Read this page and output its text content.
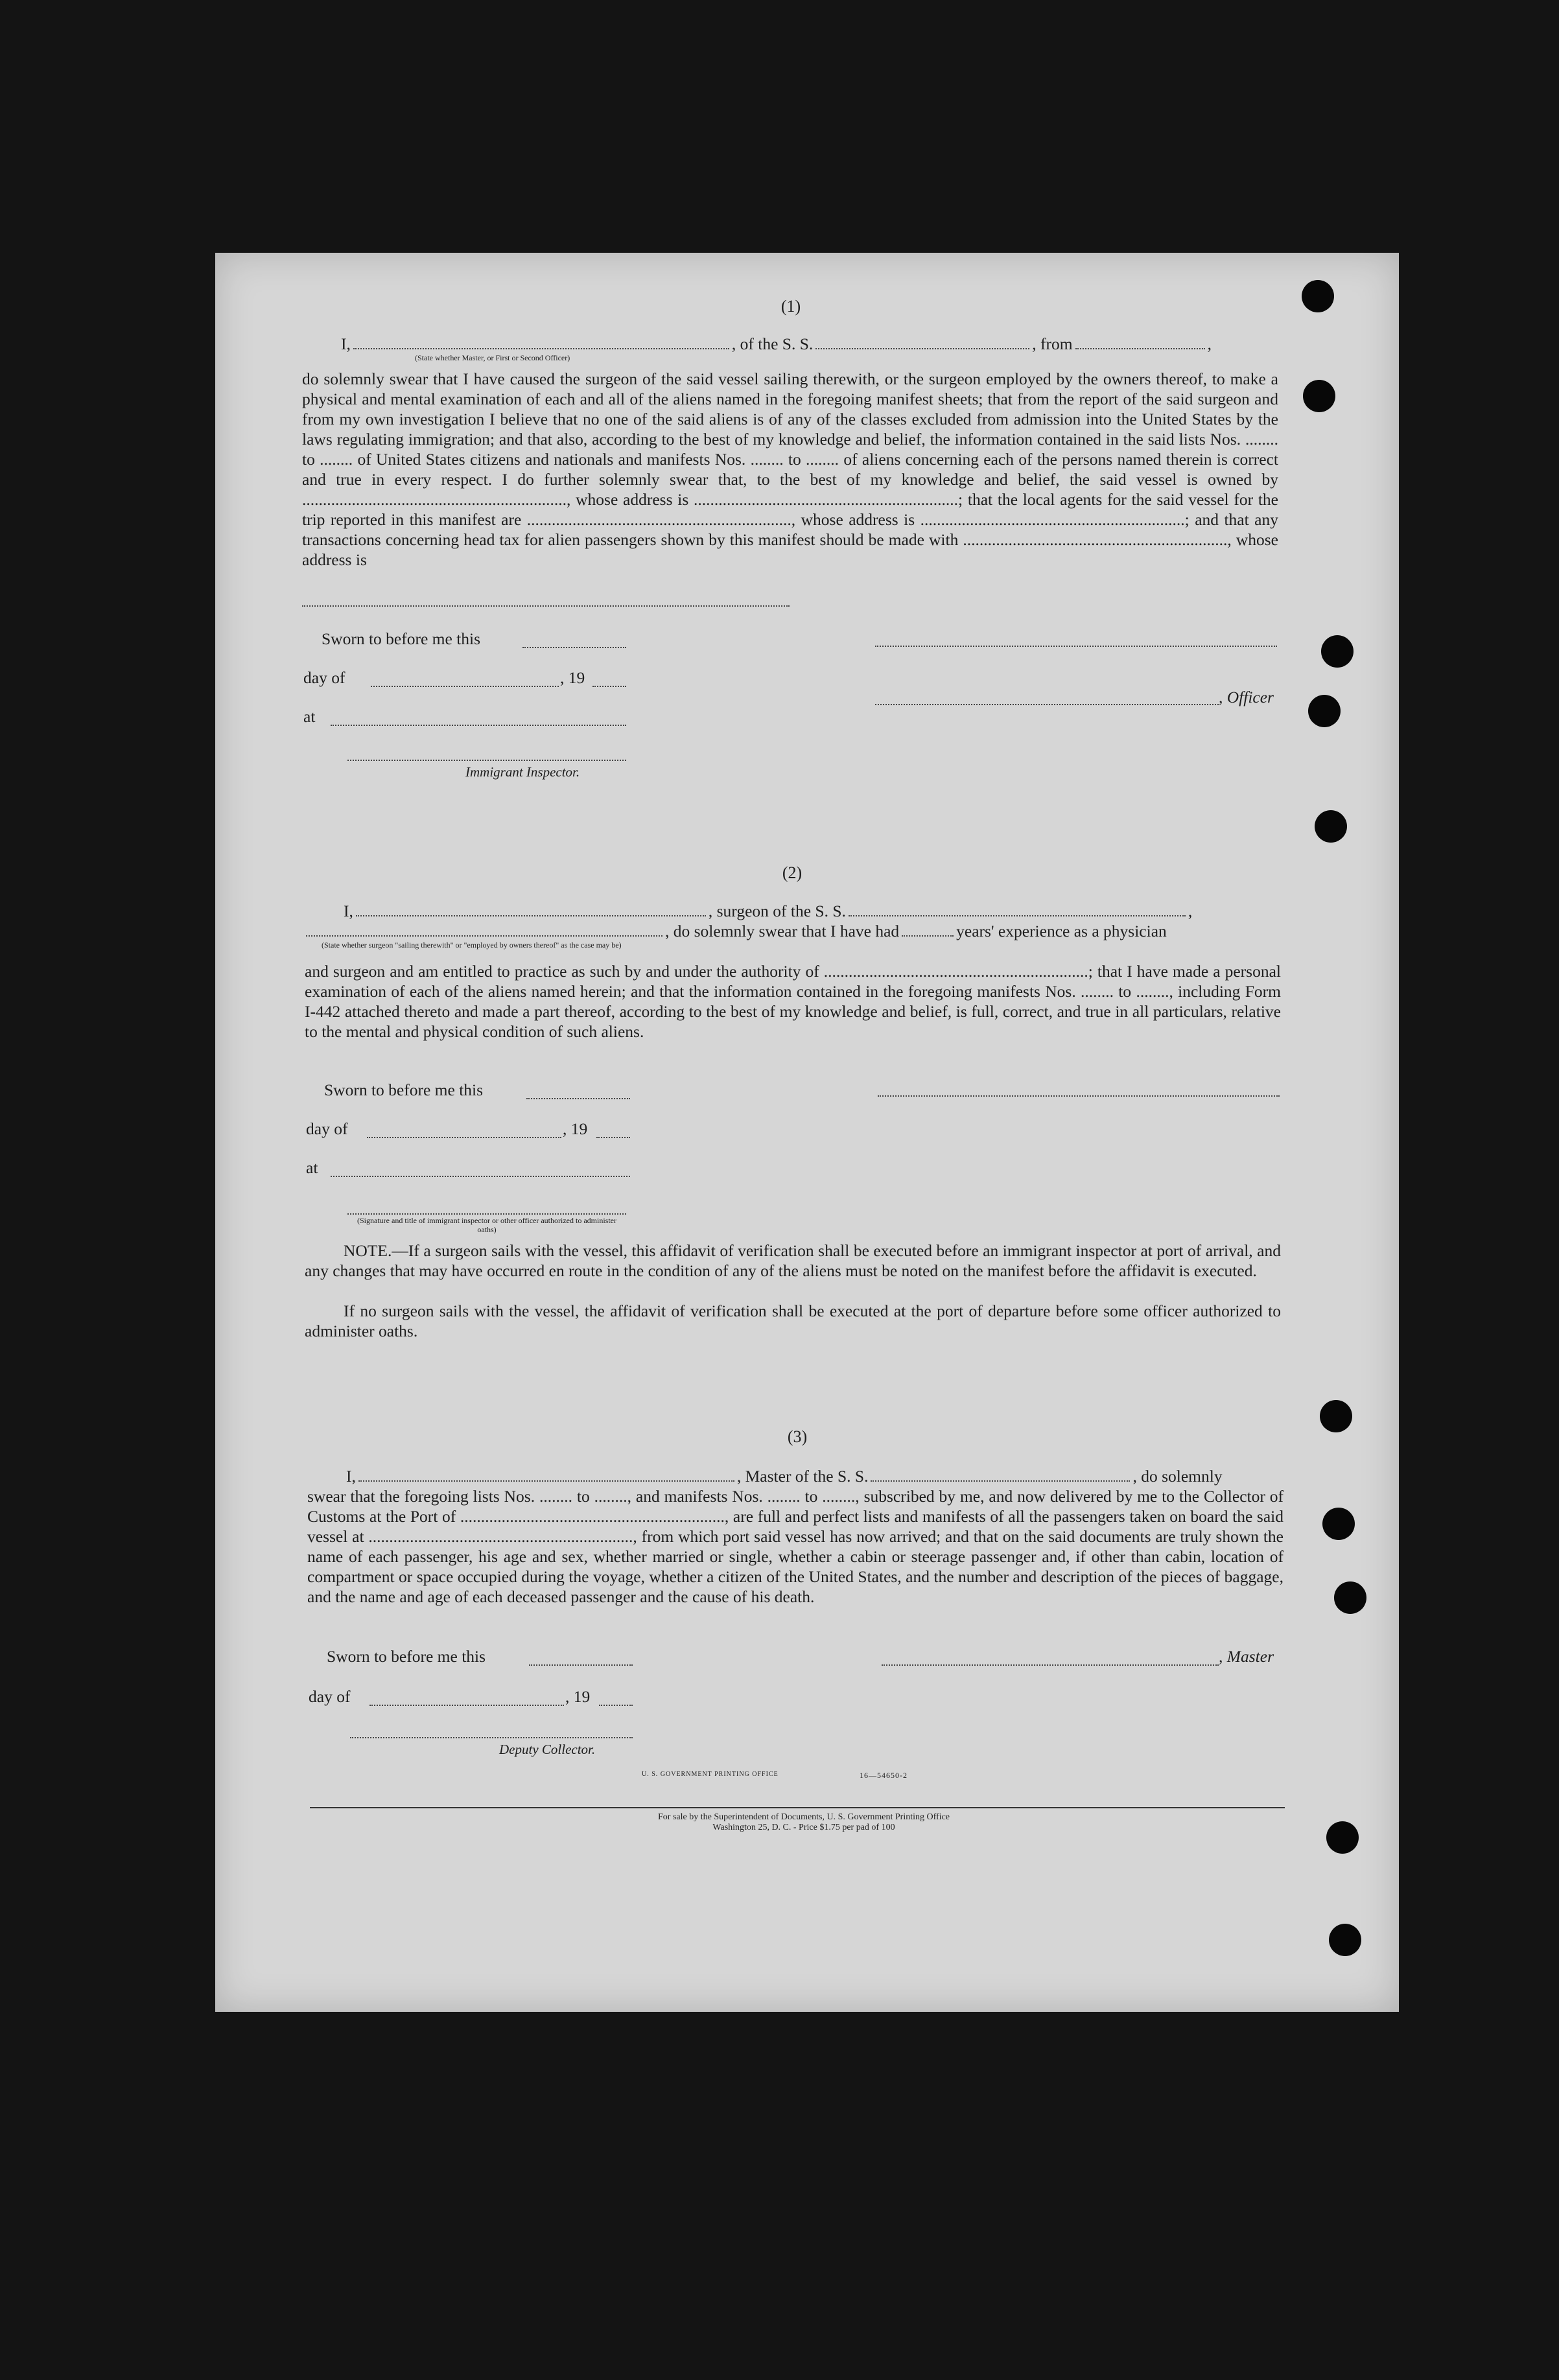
(1)
I,	, of the S. S.	, from	,
(State whether Master, or First or Second Officer)
do solemnly swear that I have caused the surgeon of the said vessel sailing therewith, or the surgeon employed by the owners thereof, to make a physical and mental examination of each and all of the aliens named in the foregoing manifest sheets; that from the report of the said surgeon and from my own investigation I believe that no one of the said aliens is of any of the classes excluded from admission into the United States by the laws regulating immigration; and that also, according to the best of my knowledge and belief, the information contained in the said lists Nos. ........ to ........ of United States citizens and nationals and manifests Nos. ........ to ........ of aliens concerning each of the persons named therein is correct and true in every respect. I do further solemnly swear that, to the best of my knowledge and belief, the said vessel is owned by ................................................................, whose address is ................................................................; that the local agents for the said vessel for the trip reported in this manifest are ................................................................, whose address is ................................................................; and that any transactions concerning head tax for alien passengers shown by this manifest should be made with ................................................................, whose address is
Sworn to before me this
day of	, 19
at
, Officer
Immigrant Inspector.
(2)
I,	, surgeon of the S. S.	,
, do solemnly swear that I have had	years' experience as a physician
(State whether surgeon "sailing therewith" or "employed by owners thereof" as the case may be)
and surgeon and am entitled to practice as such by and under the authority of ................................................................; that I have made a personal examination of each of the aliens named herein; and that the information contained in the foregoing manifests Nos. ........ to ........, including Form I-442 attached thereto and made a part thereof, according to the best of my knowledge and belief, is full, correct, and true in all particulars, relative to the mental and physical condition of such aliens.
Sworn to before me this
day of	, 19
at
(Signature and title of immigrant inspector or other officer authorized to administer oaths)
NOTE.—If a surgeon sails with the vessel, this affidavit of verification shall be executed before an immigrant inspector at port of arrival, and any changes that may have occurred en route in the condition of any of the aliens must be noted on the manifest before the affidavit is executed.
If no surgeon sails with the vessel, the affidavit of verification shall be executed at the port of departure before some officer authorized to administer oaths.
(3)
I,	, Master of the S. S.	, do solemnly
swear that the foregoing lists Nos. ........ to ........, and manifests Nos. ........ to ........, subscribed by me, and now delivered by me to the Collector of Customs at the Port of ................................................................, are full and perfect lists and manifests of all the passengers taken on board the said vessel at ................................................................, from which port said vessel has now arrived; and that on the said documents are truly shown the name of each passenger, his age and sex, whether married or single, whether a cabin or steerage passenger and, if other than cabin, location of compartment or space occupied during the voyage, whether a citizen of the United States, and the number and description of the pieces of baggage, and the name and age of each deceased passenger and the cause of his death.
Sworn to before me this	, Master
day of	, 19
Deputy Collector.
U. S. GOVERNMENT PRINTING OFFICE	16—54650-2
For sale by the Superintendent of Documents, U. S. Government Printing Office
Washington 25, D. C. - Price $1.75 per pad of 100
